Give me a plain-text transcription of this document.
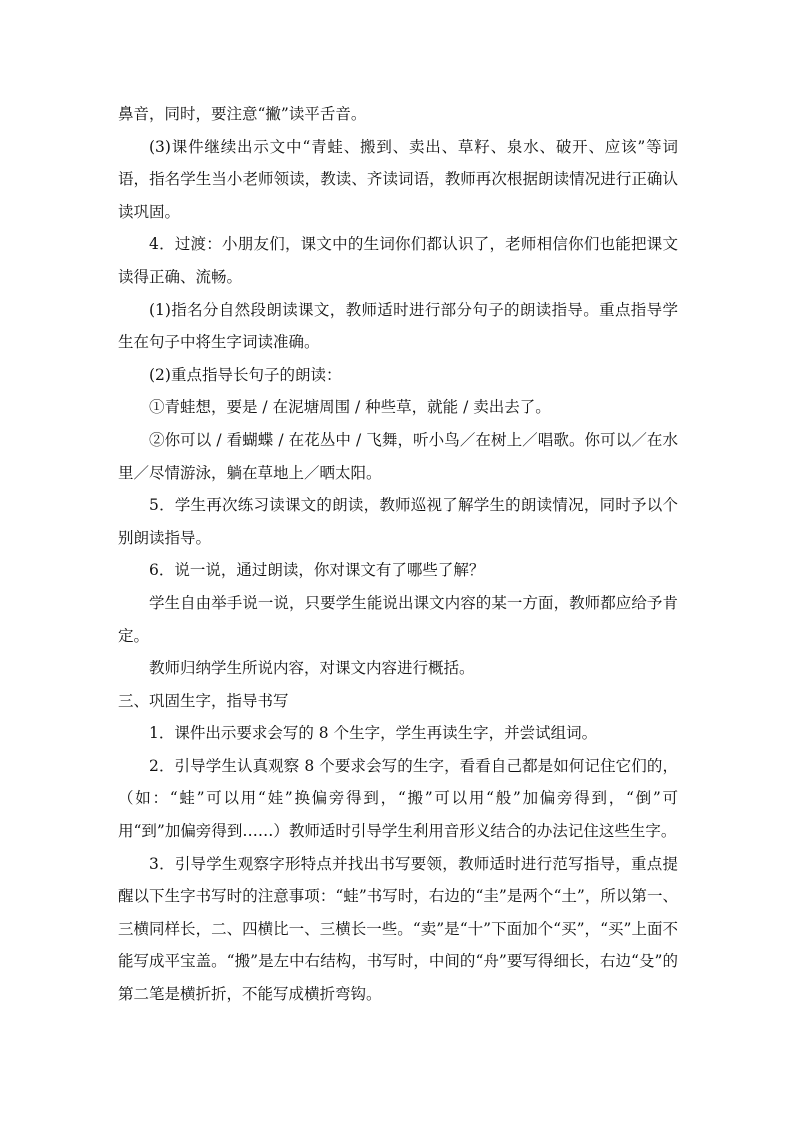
鼻音，同时，要注意“撇”读平舌音。

(3)课件继续出示文中“青蛙、搬到、卖出、草籽、泉水、破开、应该”等词语，指名学生当小老师领读，教读、齐读词语，教师再次根据朗读情况进行正确认读巩固。

4．过渡：小朋友们，课文中的生词你们都认识了，老师相信你们也能把课文读得正确、流畅。

(1)指名分自然段朗读课文，教师适时进行部分句子的朗读指导。重点指导学生在句子中将生字词读准确。

(2)重点指导长句子的朗读：

①青蛙想，要是 / 在泥塘周围 / 种些草，就能 / 卖出去了。

②你可以 / 看蝴蝶 / 在花丛中 / 飞舞，听小鸟／在树上／唱歌。你可以／在水里／尽情游泳，躺在草地上／晒太阳。

5．学生再次练习读课文的朗读，教师巡视了解学生的朗读情况，同时予以个别朗读指导。

6．说一说，通过朗读，你对课文有了哪些了解？

学生自由举手说一说，只要学生能说出课文内容的某一方面，教师都应给予肯定。

教师归纳学生所说内容，对课文内容进行概括。

三、巩固生字，指导书写

1．课件出示要求会写的 8 个生字，学生再读生字，并尝试组词。

2．引导学生认真观察 8 个要求会写的生字，看看自己都是如何记住它们的，（如：“蛙”可以用“娃”换偏旁得到，“搬”可以用“般”加偏旁得到，“倒”可用“到”加偏旁得到……）教师适时引导学生利用音形义结合的办法记住这些生字。

3．引导学生观察字形特点并找出书写要领，教师适时进行范写指导，重点提醒以下生字书写时的注意事项：“蛙”书写时，右边的“圭”是两个“土”，所以第一、三横同样长，二、四横比一、三横长一些。“卖”是“十”下面加个“买”，“买”上面不能写成平宝盖。“搬”是左中右结构，书写时，中间的“舟”要写得细长，右边“殳”的第二笔是横折折，不能写成横折弯钩。
